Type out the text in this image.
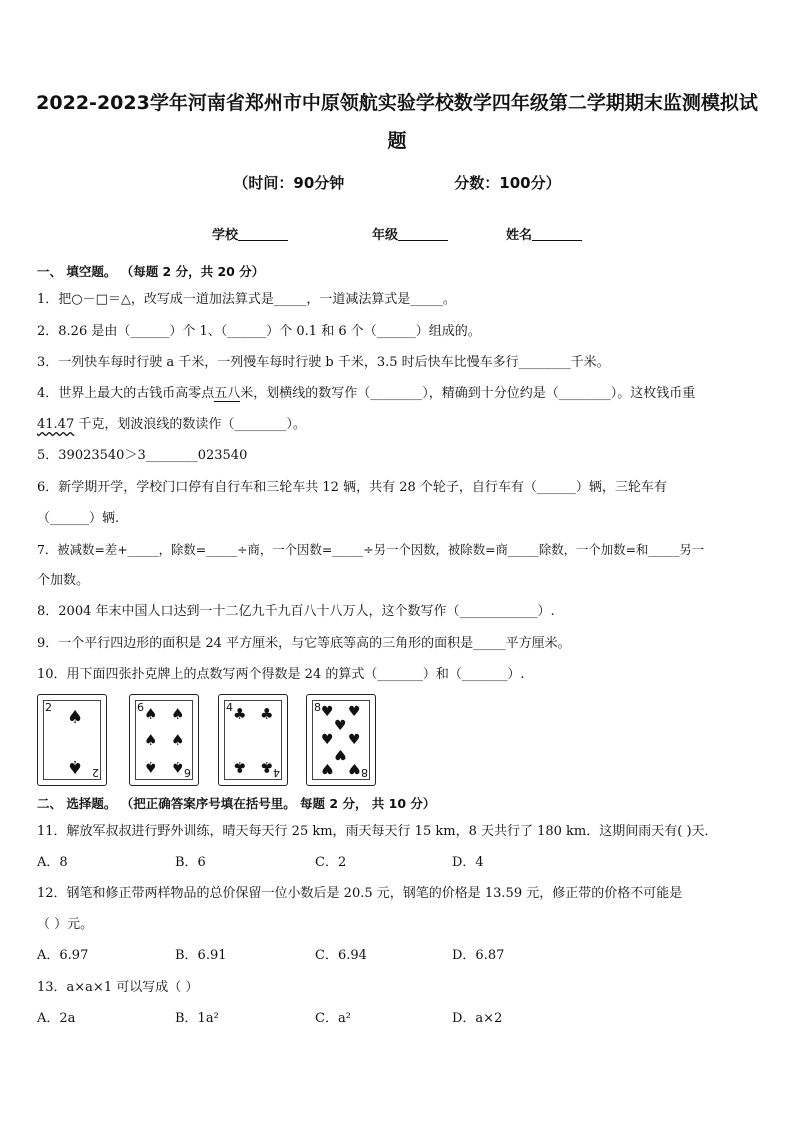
2022-2023学年河南省郑州市中原领航实验学校数学四年级第二学期期末监测模拟试
题
（时间：90分钟	分数：100分）
学校	年级	姓名
一、 填空题。 （每题 2 分，共 20 分）
1．把○－□＝△，改写成一道加法算式是_____，一道减法算式是_____。
2．8.26 是由（______）个 1、（______）个 0.1 和 6 个（______）组成的。
3．一列快车每时行驶 a 千米，一列慢车每时行驶 b 千米，3.5 时后快车比慢车多行________千米。
4．世界上最大的古钱币高零点五八米，划横线的数写作（________），精确到十分位约是（________）。这枚钱币重
41.47 千克，划波浪线的数读作（________）。
5．39023540＞3________023540
6．新学期开学，学校门口停有自行车和三轮车共 12 辆，共有 28 个轮子，自行车有（______）辆，三轮车有
（______）辆.
7．被减数=差+_____，除数=_____÷商，一个因数=_____÷另一个因数，被除数=商_____除数，一个加数=和_____另一
个加数。
8．2004 年末中国人口达到一十二亿九千九百八十八万人，这个数写作（____________）.
9．一个平行四边形的面积是 24 平方厘米，与它等底等高的三角形的面积是_____平方厘米。
10．用下面四张扑克牌上的点数写两个得数是 24 的算式（_______）和（_______）.
2 ♠
♠ 2
6 ♠ ♠
♠ ♠
♠ ♠ 6
4 ♣ ♣
♣ ♣ 4
8 ♥ ♥
♥
♥ ♥
♥
♥ ♥ 8
二、 选择题。 （把正确答案序号填在括号里。 每题 2 分， 共 10 分）
11．解放军叔叔进行野外训练，晴天每天行 25 km，雨天每天行 15 km，8 天共行了 180 km．这期间雨天有( )天．
A．8	B．6	C．2	D．4
12．钢笔和修正带两样物品的总价保留一位小数后是 20.5 元，钢笔的价格是 13.59 元，修正带的价格不可能是
（ ）元。
A．6.97	B．6.91	C．6.94	D．6.87
13．a×a×1 可以写成（ ）
A．2a	B．1a²	C．a²	D．a×2
